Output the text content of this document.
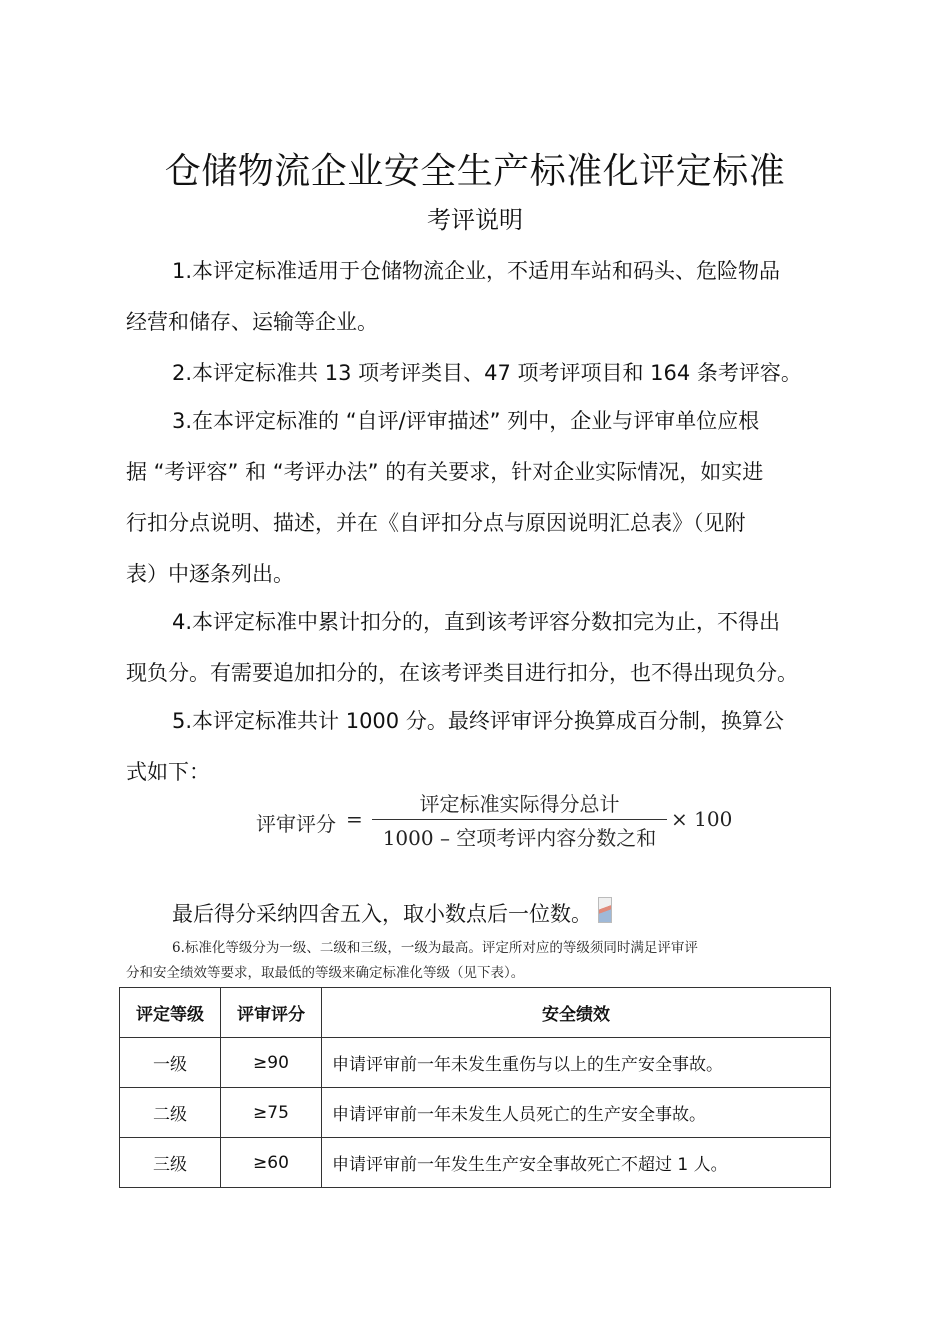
仓储物流企业安全生产标准化评定标准
考评说明
1.本评定标准适用于仓储物流企业，不适用车站和码头、危险物品
经营和储存、运输等企业。
2.本评定标准共 13 项考评类目、47 项考评项目和 164 条考评容。
3.在本评定标准的 “自评/评审描述” 列中，企业与评审单位应根
据 “考评容” 和 “考评办法” 的有关要求，针对企业实际情况，如实进
行扣分点说明、描述，并在《自评扣分点与原因说明汇总表》（见附
表）中逐条列出。
4.本评定标准中累计扣分的，直到该考评容分数扣完为止，不得出
现负分。有需要追加扣分的，在该考评类目进行扣分，也不得出现负分。
5.本评定标准共计 1000 分。最终评审评分换算成百分制，换算公
式如下：
评审评分 =
评定标准实际得分总计
1000 – 空项考评内容分数之和
× 100
最后得分采纳四舍五入，取小数点后一位数。
6.标准化等级分为一级、二级和三级，一级为最高。评定所对应的等级须同时满足评审评
分和安全绩效等要求，取最低的等级来确定标准化等级（见下表）。
评定等级	评审评分	安全绩效
一级	≥90	申请评审前一年未发生重伤与以上的生产安全事故。
二级	≥75	申请评审前一年未发生人员死亡的生产安全事故。
三级	≥60	申请评审前一年发生生产安全事故死亡不超过 1 人。
